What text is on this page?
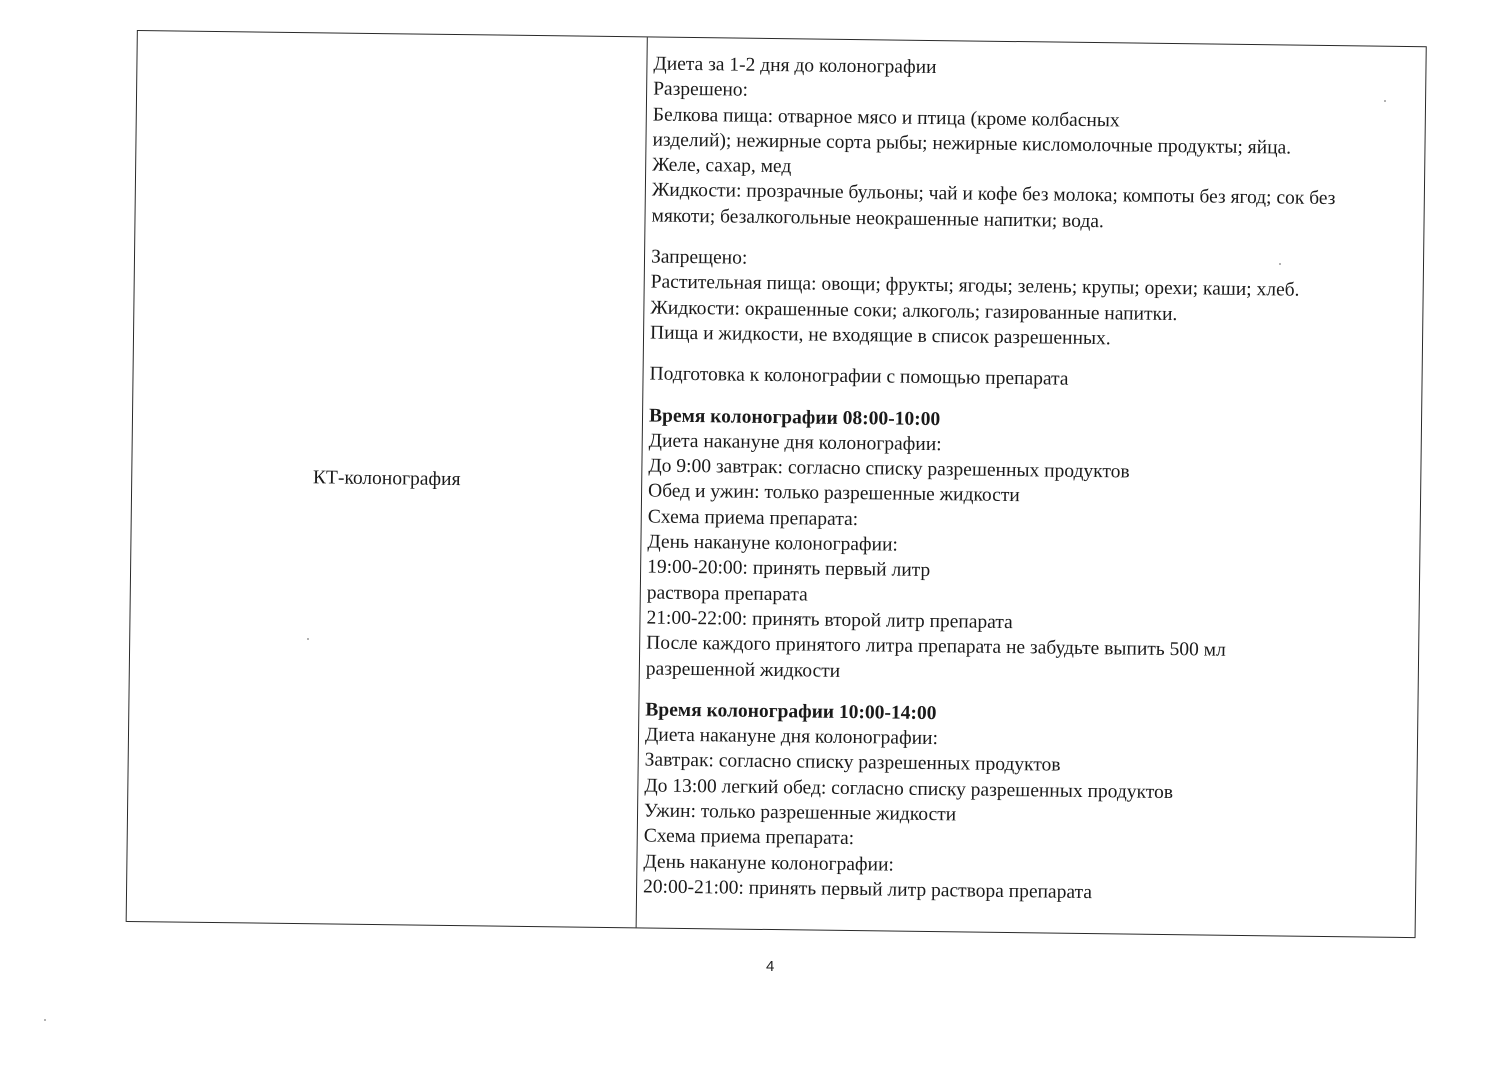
КТ-колонография
Диета за 1-2 дня до колонографии
Разрешено:
Белкова пища: отварное мясо и птица (кроме колбасных
изделий); нежирные сорта рыбы; нежирные кисломолочные продукты; яйца.
Желе, сахар, мед
Жидкости: прозрачные бульоны; чай и кофе без молока; компоты без ягод; сок без
мякоти; безалкогольные неокрашенные напитки; вода.
Запрещено:
Растительная пища: овощи; фрукты; ягоды; зелень; крупы; орехи; каши; хлеб.
Жидкости: окрашенные соки; алкоголь; газированные напитки.
Пища и жидкости, не входящие в список разрешенных.
Подготовка к колонографии с помощью препарата
Время колонографии 08:00-10:00
Диета накануне дня колонографии:
До 9:00 завтрак: согласно списку разрешенных продуктов
Обед и ужин: только разрешенные жидкости
Схема приема препарата:
День накануне колонографии:
19:00-20:00: принять первый литр
раствора препарата
21:00-22:00: принять второй литр препарата
После каждого принятого литра препарата не забудьте выпить 500 мл
разрешенной жидкости
Время колонографии 10:00-14:00
Диета накануне дня колонографии:
Завтрак: согласно списку разрешенных продуктов
До 13:00 легкий обед: согласно списку разрешенных продуктов
Ужин: только разрешенные жидкости
Схема приема препарата:
День накануне колонографии:
20:00-21:00: принять первый литр раствора препарата
4
